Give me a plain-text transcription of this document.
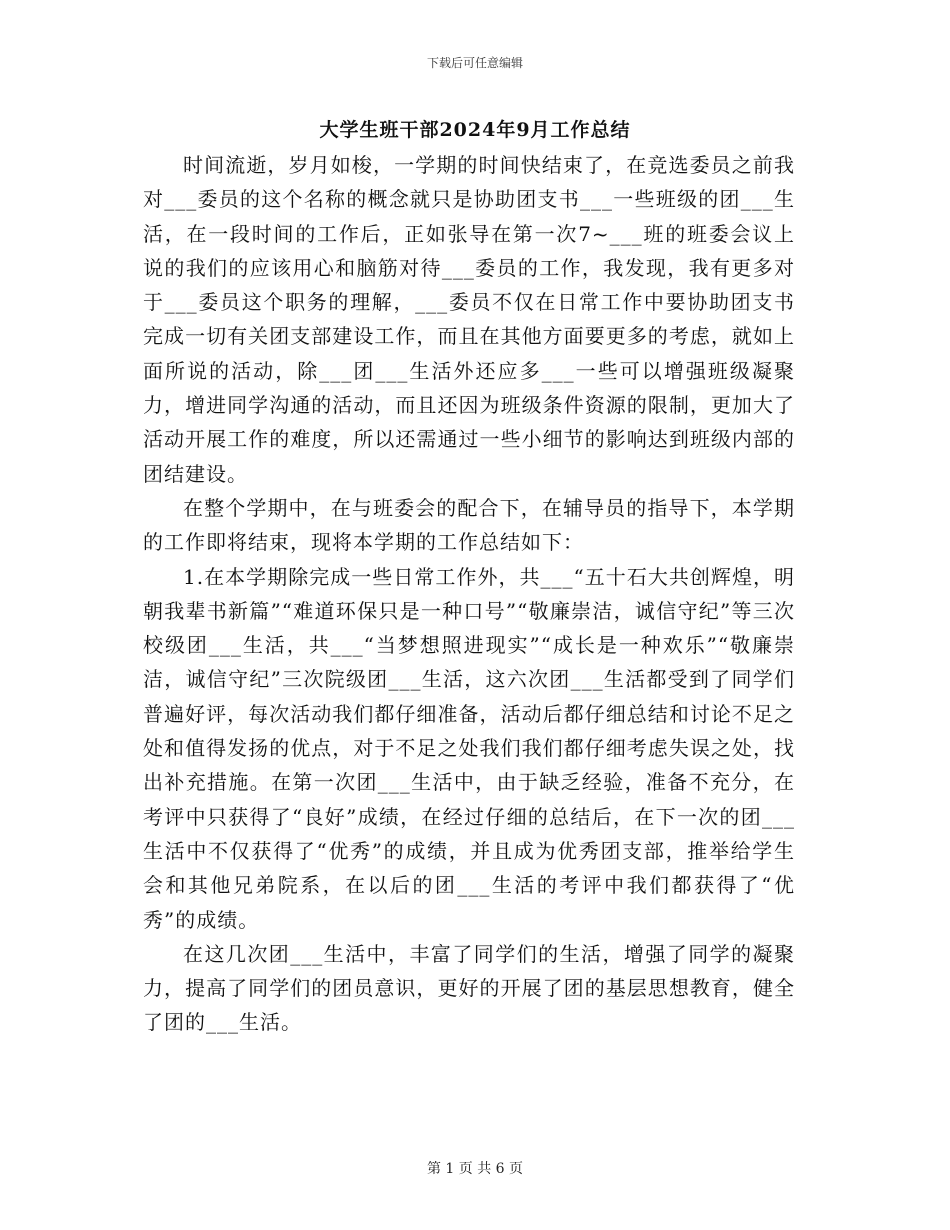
下载后可任意编辑
大学生班干部2024年9月工作总结

时间流逝，岁月如梭，一学期的时间快结束了，在竞选委员之前我对___委员的这个名称的概念就只是协助团支书___一些班级的团___生活，在一段时间的工作后，正如张导在第一次7~___班的班委会议上说的我们的应该用心和脑筋对待___委员的工作，我发现，我有更多对于___委员这个职务的理解，___委员不仅在日常工作中要协助团支书完成一切有关团支部建设工作，而且在其他方面要更多的考虑，就如上面所说的活动，除___团___生活外还应多___一些可以增强班级凝聚力，增进同学沟通的活动，而且还因为班级条件资源的限制，更加大了活动开展工作的难度，所以还需通过一些小细节的影响达到班级内部的团结建设。

在整个学期中，在与班委会的配合下，在辅导员的指导下，本学期的工作即将结束，现将本学期的工作总结如下：

1.在本学期除完成一些日常工作外，共___“五十石大共创辉煌，明朝我辈书新篇”“难道环保只是一种口号”“敬廉崇洁，诚信守纪”等三次校级团___生活，共___“当梦想照进现实”“成长是一种欢乐”“敬廉崇洁，诚信守纪”三次院级团___生活，这六次团___生活都受到了同学们普遍好评，每次活动我们都仔细准备，活动后都仔细总结和讨论不足之处和值得发扬的优点，对于不足之处我们我们都仔细考虑失误之处，找出补充措施。在第一次团___生活中，由于缺乏经验，准备不充分，在考评中只获得了“良好”成绩，在经过仔细的总结后，在下一次的团___生活中不仅获得了“优秀”的成绩，并且成为优秀团支部，推举给学生会和其他兄弟院系，在以后的团___生活的考评中我们都获得了“优秀”的成绩。

在这几次团___生活中，丰富了同学们的生活，增强了同学的凝聚力，提高了同学们的团员意识，更好的开展了团的基层思想教育，健全了团的___生活。

第 1 页 共 6 页
